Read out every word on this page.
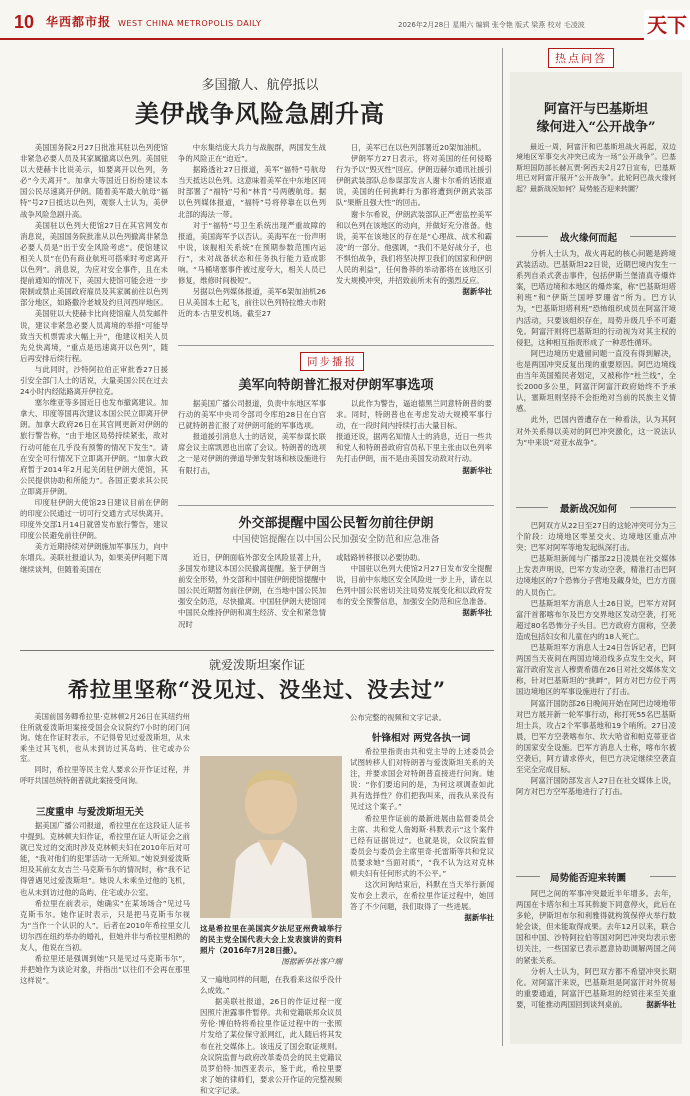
10 华西都市报 WEST CHINA METROPOLIS DAILY	2026年2月28日 星期六 编辑 张令艳 版式 梁燕 校对 毛凌波	天下
多国撤人、航停抵以
美伊战争风险急剧升高

美国国务院2月27日批准其驻以色列使馆非紧急必要人员及其家属撤离以色列。美国驻以大使赫卡比说美示，如要离开以色列，务必“今天离开”。加拿大等国近日纷纷建议本国公民尽速离开伊朗。随着美军最大航母“福特”号27日抵达以色列，观察人士认为，美伊战争风险急剧升高。

美国驻以色列大使馆27日在其官网发布消息说，美国国务院批准从以色列撤离非紧急必要人员是“出于安全风险考虑”。使馆建议相关人员“在仍有商业航班可搭乘时考虑离开以色列”。消息说，为应对安全事件，且在未提前通知的情况下，美国大使馆可能会进一步限制或禁止美国政府雇员及其家属前往以色列部分地区，如路撒冷老城及约旦河西岸地区。

美国驻以大使赫卡比向使馆雇人员发邮件说，建议非紧急必要人员离境的举措“可能导致当天机票需求大幅上升”，他建议相关人员先兑快离境，“重点是迅速离开以色列”，随后再安排后续行程。

与此同时，沙特阿拉伯正审批香27日援引安全部门人士的话说，大量美国公民在过去24小时内经陆路离开伊拉克。

塞尔维亚等多国近日也发布撤离建议。加拿大、印度等国再次建议本国公民立即离开伊朗。加拿大政府26日在其官网更新对伊朗的旅行警告称，“由于地区局势持续紧张，敌对行动可能在几乎没有预警的情况下发生”。请在安全可行情况下立即离开伊朗。“加拿大政府暂于2014年2月起关闭驻伊朗大使馆，其公民提供协助和所能力”。各国正要求其公民立即离开伊朗。

印度驻伊朗大使馆23日建议目前在伊朗的印度公民通过一切可行交通方式尽快离开。印度外交部1月14日就曾发布旅行警告，建议印度公民避免前往伊朗。

美方近期持续对伊朗施加军事压力，向中东增兵。美联社报道认为，如果美伊问题下周继续谈判，但随着美国在

中东集结庞大兵力与战舰群，两国发生战争的风险正在“迫近”。

据路透社27日报道，美军“福特”号航母当天抵达以色列。这意味着美军在中东地区同时部署了“福特”号和“林肯”号两艘航母。据以色列媒体报道，“福特”号将停靠在以色列北部的海法一带。

对于“福特”号卫生系统出现严重故障的报道，美国海军予以否认。美海军在一份声明中说，该舰相关系统“在预期参数范围内运行”，未对战备状态和任务执行能力造成影响。“马桶堵塞事件被过度夸大，相关人员已修复，维修时间极短”。

另据以色列媒体报道，美军6架加油机26日从美国本土起飞，前往以色列特拉维夫市附近的本·古里安机场。截至27

日，美军已在以色列部署近20架加油机。

伊朗军方27日表示，将对美国的任何侵略行为予以“毁灭性”回应。伊朗迈赫尔通讯社援引伊朗武装部队总参谋部发言人谢卡尔希的话报道说，美国的任何挑衅行为都将遭到伊朗武装部队“果断且强大性”的回击。

谢卡尔希说，伊朗武装部队正严密监控美军和以色列在该地区的动向，并做好充分准备。他说，美军在该地区的存在是“心理战、战术和霸凌”的一部分。他强调，“我们不是好战分子，也不惧怕战争，我们将坚决捍卫我们的国家和伊朗人民的利益”，任何鲁莽的举动都将在该地区引发大规模冲突，并招致前所未有的强烈反应。

据新华社

同步播报
美军向特朗普汇报对伊朗军事选项

据美国广播公司报道，负责中东地区军事行动的美军中央司令部司令库珀28日在白宫已就特朗普汇报了对伊朗可能的军事选项。

报道援引消息人士的话说，美军参谋长联席会议主席凯恩也出席了会议。特朗普的选项之一是对伊朗的弹道导弹发射场和核设施进行有限打击，

以此作为警告，逼迫德黑兰同意特朗普的要求。同时，特朗普也在考虑发动大规模军事行动，在一段时间内持续打击大量目标。

报道还说，据两名知情人士的消息，近日一些共和党人和特朗普政府官员私下里主张由以色列率先打击伊朗，而不是由美国发动敌对行动。
据新华社

外交部提醒中国公民暂勿前往伊朗
中国使馆提醒在以中国公民加强安全防范和应急准备

近日，伊朗面临外部安全风险显著上升，多国发布建议本国公民撤离提醒。鉴于伊朗当前安全形势，外交部和中国驻伊朗使馆提醒中国公民近期暂勿前往伊朗，在当地中国公民加强安全防范，尽快撤离。中国驻伊朗大使馆同中国民众维持伊朗和离生经济、安全和紧急情况时

或陆路转移报以必要协助。

中国驻以色列大使馆2月27日发布安全提醒说，目前中东地区安全风险进一步上升，请在以色列中国公民密切关注局势发展变化和以政府发布的安全预警信息，加强安全防范和应急准备。
据新华社

就爱泼斯坦案作证
希拉里坚称“没见过、没坐过、没去过”

美国前国务卿希拉里·克林顿2月26日在其纽约州住所就爱泼斯坦案接受国会众议院约7小时的闭门问询。她在作证时表示，不记得曾见过爱泼斯坦，从未乘坐过其飞机，也从未到访过其岛屿、住宅或办公室。

同时，希拉里等民主党人要求公开作证过程，并呼吁共国邑统特朗普就此案接受问询。

三度重申 与爱泼斯坦无关

据美国广播公司报道，希拉里在在这段证人证书中提到。克林顿夫妇作证，希拉里在证人听证会之前就已发过的交流时涉及克林顿夫妇在2010年后对可能，“我对他们的犯罪活动一无所知。”她说到爱泼斯坦及其前女友吉兰·马克斯韦尔的情况时，称“我不记得曾遇见过爱泼斯坦”。她说人未乘坐过他的飞机，也从未到访过他的岛屿、住宅或办公室。

希拉里在前表示，她确实“在某场场合”见过马克斯韦尔。她作证时表示，只是把马克斯韦尔视为“当作一个认识的人”。后者在2010年希拉里女儿切尔西在纽约举办的婚礼，但她并非与希拉里相熟的友人，他说在当初。

希拉里还是强调到她“只是见过马克斯韦尔”，并把她作为谈论对象，并指出“以往们不会再在那里这样说”。

这是希拉里在美国宾夕法尼亚州费城举行的民主党全国代表大会上发表演讲的资料照片（2016年7月28日摄）。
图据新华社客户端

又一遍地同样的问题，在我看来这似乎没什么成效。”

据美联社报道，26日的作证过程一度因照片泄露事件暂停。共和党籍联邦众议员劳伦·博伯特将希拉里作证过程中的一张照片发给了某位保守派网红，此人随后将其发布在社交媒体上。该违反了国会取证规则。众议院监督与政府改革委员会的民主党籍议员罗伯特·加西亚表示，鉴于此，希拉里要求了她的律师们，要求公开作证的完整视频和文字记录。

公布完整的视频和文字记录。

针锋相对 两党各执一词

希拉里指责由共和党主导的上述委员会试图转移人们对特朗普与爱泼斯坦关系的关注，并要求国会对特朗普直接进行问询。她说：“你们要追问的是，为何这项调查如此具有选择性？你们把我叫来，而我从来没有见过这个案子。”

希拉里作证前的最新进展由监督委员会主席、共和党人詹姆斯·科默表示“这个案件已经有证据说过”。也就是说，众议院监督委员会与委员会主席里奇·托雷斯等共和党议员要求她“当面对质”，“我不认为这对克林顿夫妇有任何形式的不公平。”

这次问询结束后，科默在当天举行新闻发布会上表示，在希拉里作证过程中，她回答了不少问题，我们取得了一些进展。
据新华社

热点问答
阿富汗与巴基斯坦
缘何进入“公开战争”

最近一周，阿富汗和巴基斯坦战火再起，双边境地区军事交火冲突已成为一场“公开战争”。巴基斯坦国防部长赫瓦贾·阿西夫2月27日宣布，巴基斯坦已对阿富汗展开“公开战争”。此轮阿巴战火缘何起？最新战况如何？局势能否迎来转圜？

战火缘何而起

分析人士认为，战火再起的核心问题是跨境武装活动。巴基斯坦22日说，近期巴境内发生一系列自杀式袭击事件，包括伊斯兰堡清真寺爆炸案，巴塔边境和本地区的爆炸案，称“巴基斯坦塔利班”和“伊斯兰国呼罗珊省”所为。巴方认为，“巴基斯坦塔利班”恐怖组织成员在阿富汗境内活动，只要该组织存在，局势升级几乎不可避免。阿富汗则将巴基斯坦的行动视为对其主权的侵犯，这种相互指责形成了一种恶性循环。

阿巴边境历史遗留问题一直没有得到解决，也是两国冲突反复出现的重要原因。阿巴边境线由当年英国殖民者划定，又被称作“杜兰线”，全长2000多公里，阿富汗阿富汗政府始终不予承认，塞斯坦则坚持不会拒绝对当前的民族主义情感。

此外，巴国内曾遭存在一种看法，认为其阿对外关系得以美对的阿巴冲突激化，这一说法认为“中来说”对亚水战争”。

最新战况如何

巴阿双方从22日至27日的这轮冲突可分为三个阶段：边境地区零星交火、边境地区重点冲突；巴军对阿军等地发起纵深打击。

巴基斯坦新闻与广播部22日凌晨在社交媒体上发表声明说，巴军方发动空袭，精准打击巴阿边境地区的7个恐怖分子营地及藏身处，巴方方面的人员伤亡。

巴基斯坦军方消息人士26日说，巴军方对阿富汗首都喀布尔及巴方交界地区发动空袭，打死超过80名恐怖分子头目。巴方政府方面称，空袭造成包括妇女和儿童在内的18人死亡。

巴基斯坦军方消息人士24日告诉记者，巴阿两国当天夜间在两国边境沿线多点发生交火，阿富汗政府发言人穆贾希德在26日对社交媒体发文称，针对巴基斯坦的“挑衅”，阿方对巴方位于两国边境地区的军事设施进行了打击。

阿富汗国防部26日晚间开始在阿巴边境地带对巴方展开新一轮军事行动，称打死55名巴基斯坦士兵，攻占2个军事基地和19个哨所。27日凌晨，巴军方空袭喀布尔、坎大哈省和帕克蒂亚省的国家安全设施。巴军方消息人士称，喀布尔被空袭后，阿方请求停火，但巴方决定继续空袭直至完全完成目标。

阿富汗国防部发言人27日在社交媒体上说，阿方对巴方空军基地进行了打击。

局势能否迎来转圜

阿巴之间的军事冲突最近半年增多。去年，两国在卡塔尔和土耳其斡旋下同意停火，此后在多轮，伊斯坦布尔和利雅得就构筑保停火举行数轮会谈，但未能取得成果。去年12月以来，联合国和中国、沙特阿拉伯等国对阿巴冲突均表示密切关注，一些国家已表示愿意协助调解两国之间的紧张关系。

分析人士认为，阿巴双方都不希望冲突长期化。对阿富汗来说，巴基斯坦是阿富汗对外贸易的重要通道，阿富汗巴基斯坦的经贸往来至关重要，可能推动两国回到谈判桌前。	据新华社
